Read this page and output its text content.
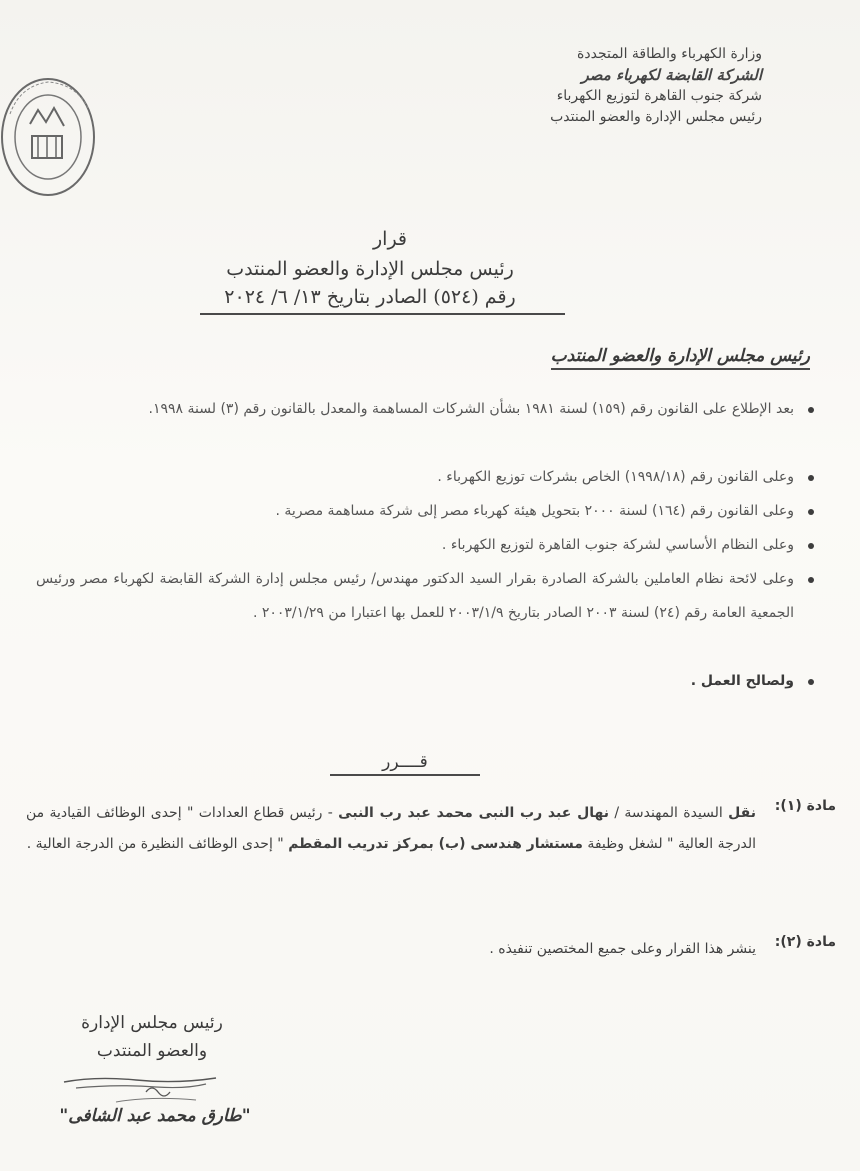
وزارة الكهرباء والطاقة المتجددة
الشركة القابضة لكهرباء مصر
شركة جنوب القاهرة لتوزيع الكهرباء
رئيس مجلس الإدارة والعضو المنتدب
قرار
رئيس مجلس الإدارة والعضو المنتدب
رقم (٥٢٤) الصادر بتاريخ ١٣/ ٦/ ٢٠٢٤
رئيس مجلس الإدارة والعضو المنتدب
بعد الإطلاع على القانون رقم (١٥٩) لسنة ١٩٨١ بشأن الشركات المساهمة والمعدل بالقانون رقم (٣) لسنة ١٩٩٨.
وعلى القانون رقم (١٩٩٨/١٨) الخاص بشركات توزيع الكهرباء .
وعلى القانون رقم (١٦٤) لسنة ٢٠٠٠ بتحويل هيئة كهرباء مصر إلى شركة مساهمة مصرية .
وعلى النظام الأساسي لشركة جنوب القاهرة لتوزيع الكهرباء .
وعلى لائحة نظام العاملين بالشركة الصادرة بقرار السيد الدكتور مهندس/ رئيس مجلس إدارة الشركة القابضة لكهرباء مصر ورئيس الجمعية العامة رقم (٢٤) لسنة ٢٠٠٣ الصادر بتاريخ ٢٠٠٣/١/٩ للعمل بها اعتبارا من ٢٠٠٣/١/٢٩ .
ولصالح العمل .
قــــرر
مادة (١):
نقل السيدة المهندسة / نهال عبد رب النبى محمد عبد رب النبى - رئيس قطاع العدادات " إحدى الوظائف القيادية من الدرجة العالية " لشغل وظيفة مستشار هندسى (ب) بمركز تدريب المقطم " إحدى الوظائف النظيرة من الدرجة العالية .
مادة (٢):
ينشر هذا القرار وعلى جميع المختصين تنفيذه .
رئيس مجلس الإدارة
والعضو المنتدب
"طارق محمد عبد الشافى"
